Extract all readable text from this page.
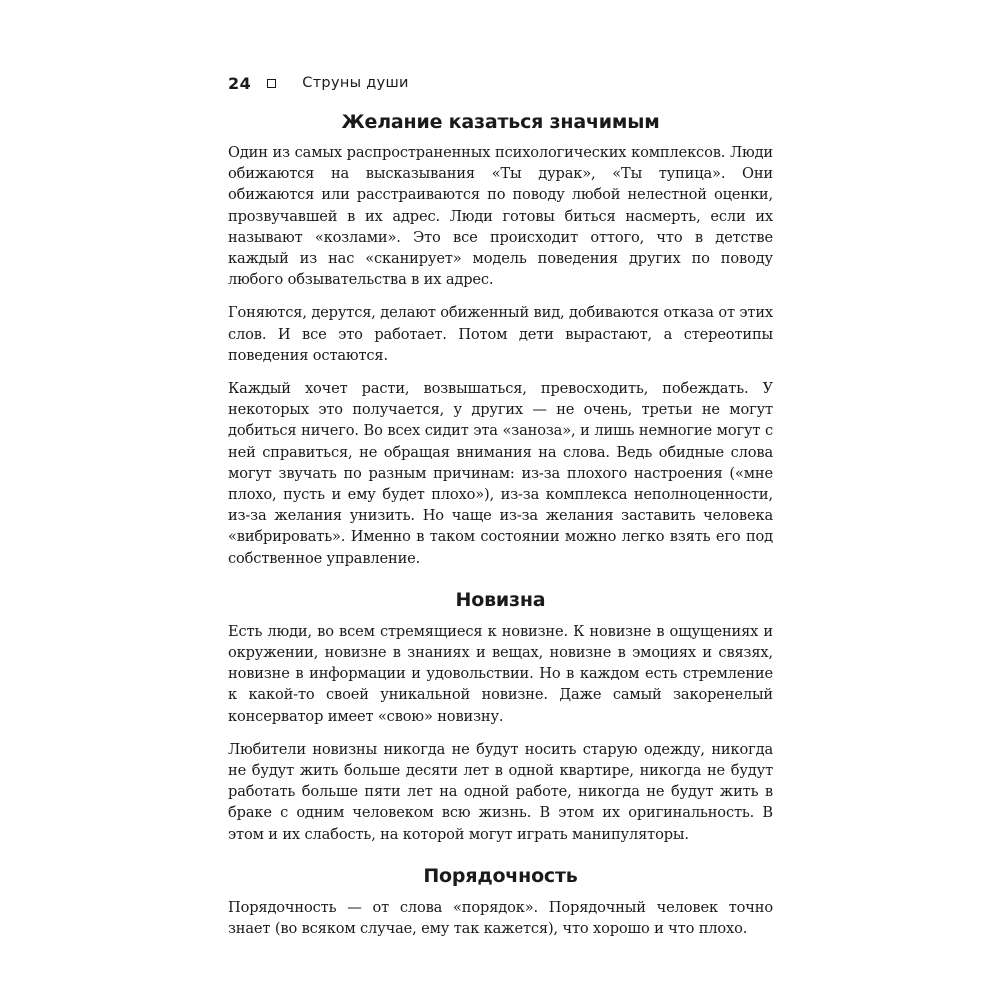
24	Струны души
Желание казаться значимым

Один из самых распространенных психологических комплексов. Люди обижаются на высказывания «Ты дурак», «Ты тупица». Они обижаются или расстраиваются по поводу любой нелестной оценки, прозвучавшей в их адрес. Люди готовы биться насмерть, если их называют «козлами». Это все происходит оттого, что в детстве каждый из нас «сканирует» модель поведения других по поводу любого обзывательства в их адрес.

Гоняются, дерутся, делают обиженный вид, добиваются отказа от этих слов. И все это работает. Потом дети вырастают, а стереотипы поведения остаются.

Каждый хочет расти, возвышаться, превосходить, побеждать. У некоторых это получается, у других — не очень, третьи не могут добиться ничего. Во всех сидит эта «заноза», и лишь немногие могут с ней справиться, не обращая внимания на слова. Ведь обидные слова могут звучать по разным причинам: из-за плохого настроения («мне плохо, пусть и ему будет плохо»), из-за комплекса неполноценности, из-за желания унизить. Но чаще из-за желания заставить человека «вибрировать». Именно в таком состоянии можно легко взять его под собственное управление.

Новизна

Есть люди, во всем стремящиеся к новизне. К новизне в ощущениях и окружении, новизне в знаниях и вещах, новизне в эмоциях и связях, новизне в информации и удовольствии. Но в каждом есть стремление к какой-то своей уникальной новизне. Даже самый закоренелый консерватор имеет «свою» новизну.

Любители новизны никогда не будут носить старую одежду, никогда не будут жить больше десяти лет в одной квартире, никогда не будут работать больше пяти лет на одной работе, никогда не будут жить в браке с одним человеком всю жизнь. В этом их оригинальность. В этом и их слабость, на которой могут играть манипуляторы.

Порядочность

Порядочность — от слова «порядок». Порядочный человек точно знает (во всяком случае, ему так кажется), что хорошо и что плохо.
